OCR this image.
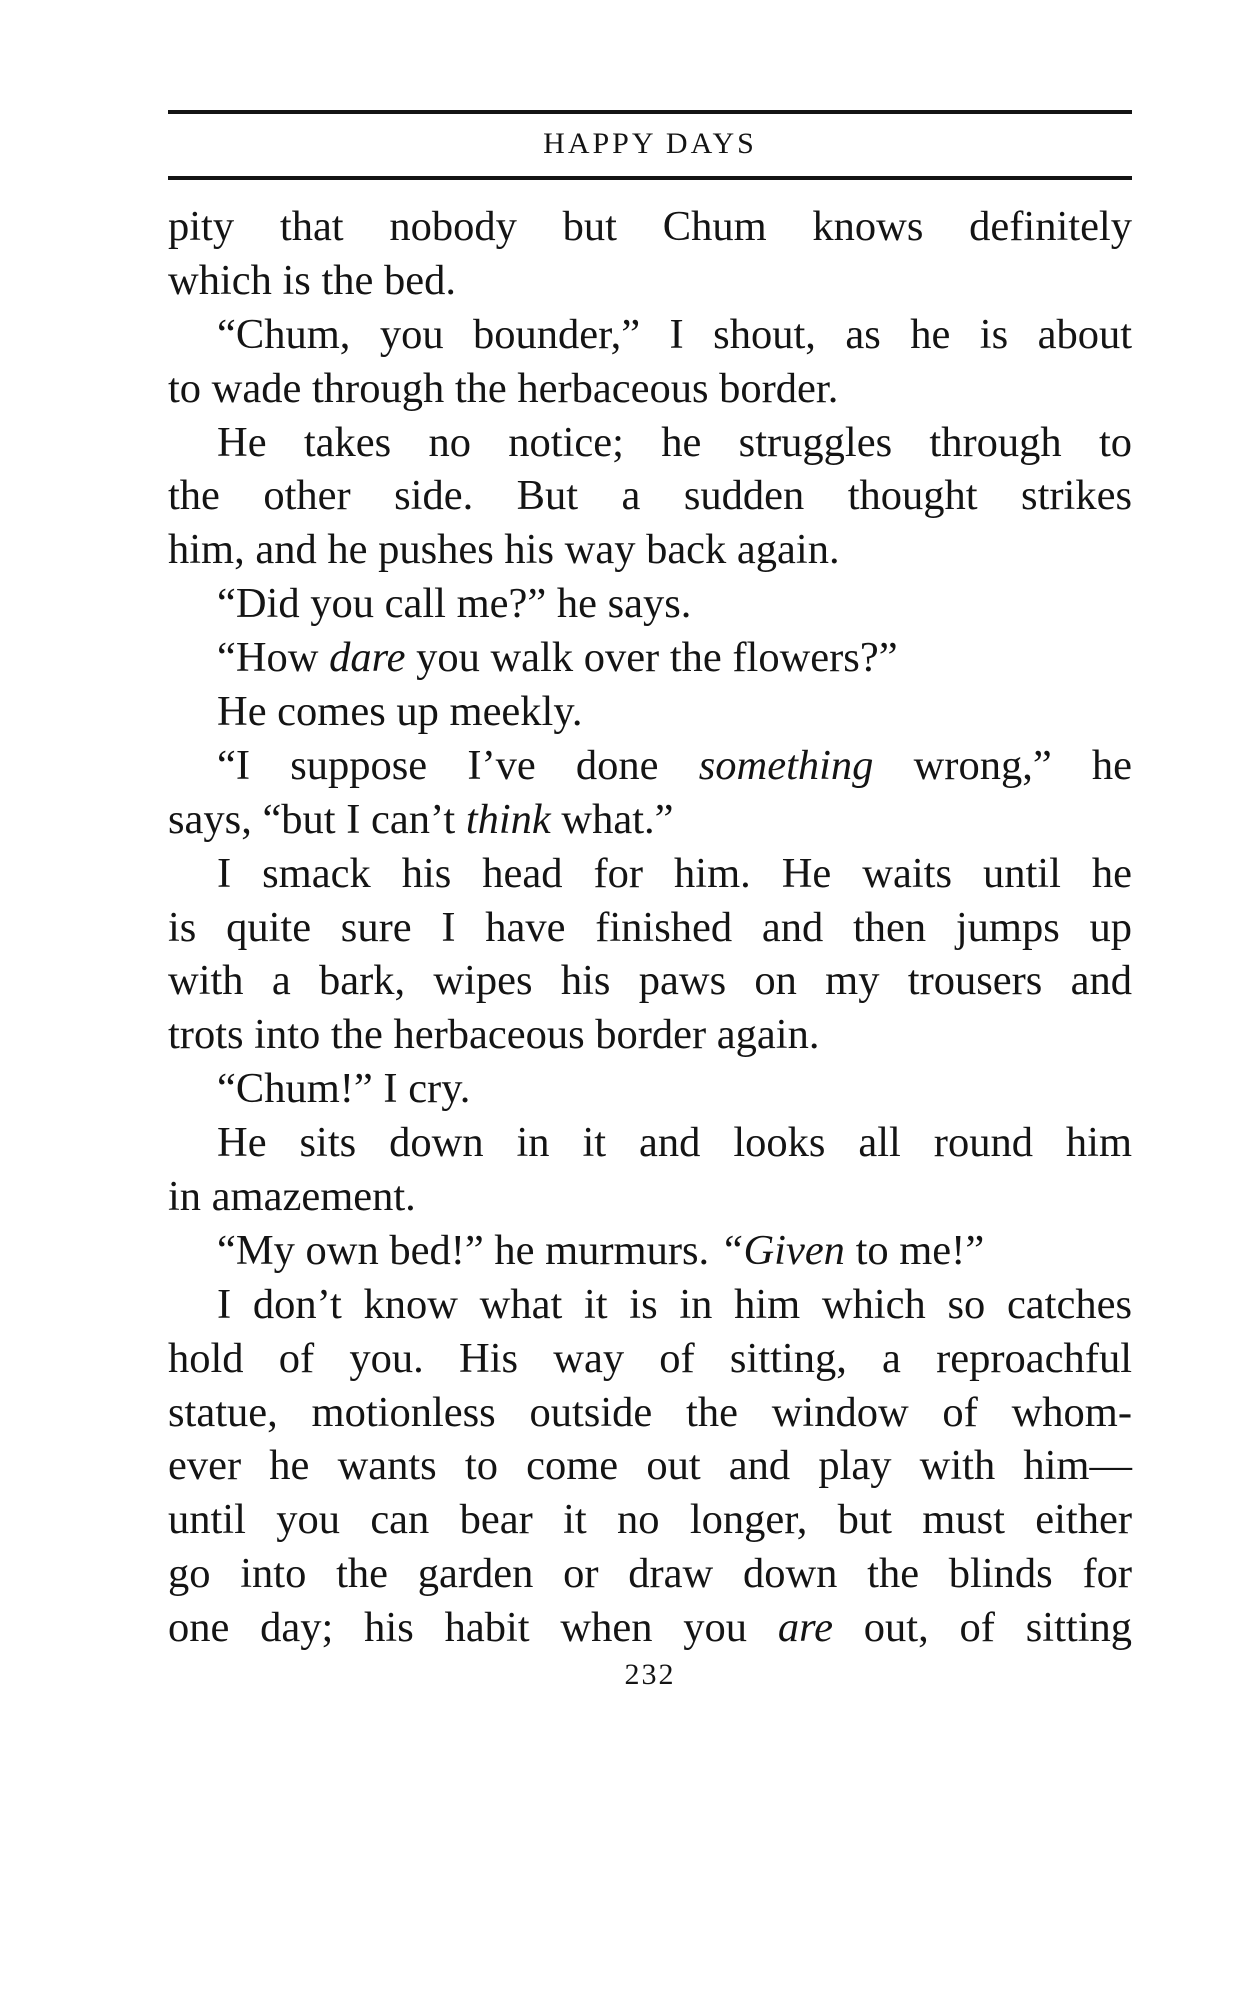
HAPPY DAYS
pity that nobody but Chum knows definitely
which is the bed.
“Chum, you bounder,” I shout, as he is about
to wade through the herbaceous border.
He takes no notice; he struggles through to
the other side. But a sudden thought strikes
him, and he pushes his way back again.
“Did you call me?” he says.
“How dare you walk over the flowers?”
He comes up meekly.
“I suppose I’ve done something wrong,” he
says, “but I can’t think what.”
I smack his head for him. He waits until he
is quite sure I have finished and then jumps up
with a bark, wipes his paws on my trousers and
trots into the herbaceous border again.
“Chum!” I cry.
He sits down in it and looks all round him
in amazement.
“My own bed!” he murmurs. “Given to me!”
I don’t know what it is in him which so catches
hold of you. His way of sitting, a reproachful
statue, motionless outside the window of whom-
ever he wants to come out and play with him—
until you can bear it no longer, but must either
go into the garden or draw down the blinds for
one day; his habit when you are out, of sitting
232
